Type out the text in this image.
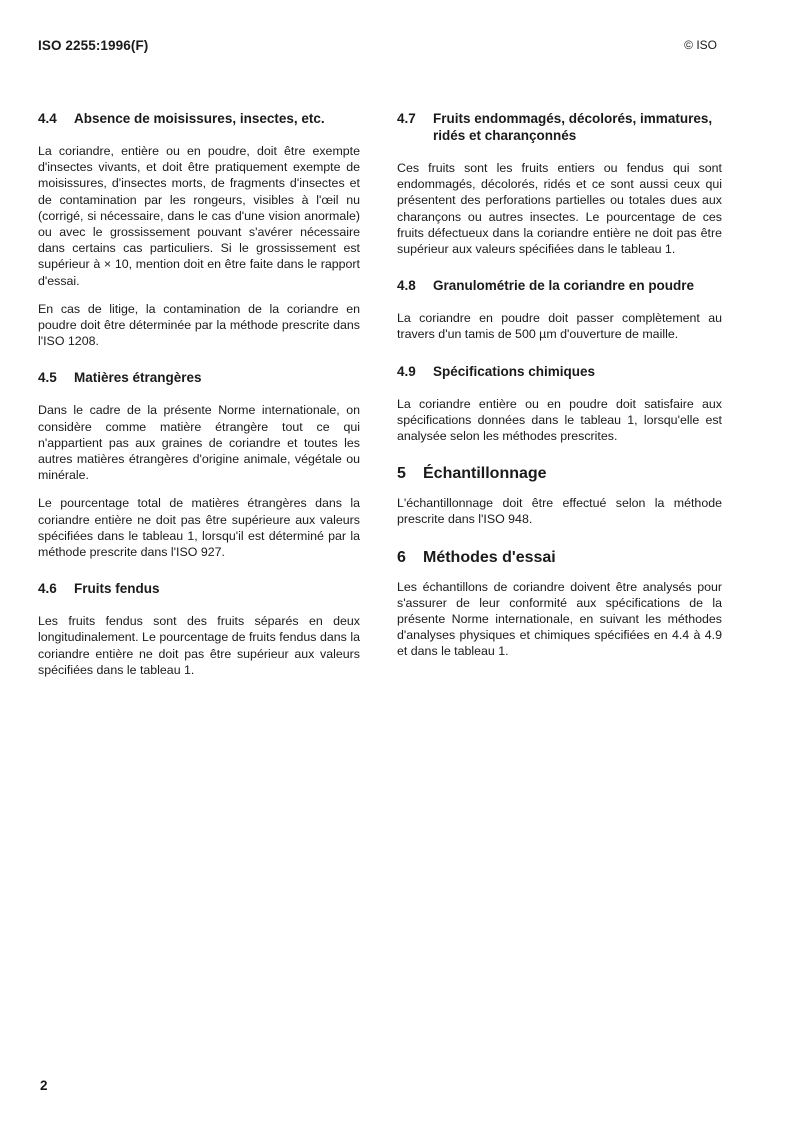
ISO 2255:1996(F)	© ISO
4.4	Absence de moisissures, insectes, etc.

La coriandre, entière ou en poudre, doit être exempte d'insectes vivants, et doit être pratiquement exempte de moisissures, d'insectes morts, de fragments d'insectes et de contamination par les rongeurs, visibles à l'œil nu (corrigé, si nécessaire, dans le cas d'une vision anormale) ou avec le grossissement pouvant s'avérer nécessaire dans certains cas particuliers. Si le grossissement est supérieur à × 10, mention doit en être faite dans le rapport d'essai.

En cas de litige, la contamination de la coriandre en poudre doit être déterminée par la méthode prescrite dans l'ISO 1208.

4.5	Matières étrangères

Dans le cadre de la présente Norme internationale, on considère comme matière étrangère tout ce qui n'appartient pas aux graines de coriandre et toutes les autres matières étrangères d'origine animale, végétale ou minérale.

Le pourcentage total de matières étrangères dans la coriandre entière ne doit pas être supérieure aux valeurs spécifiées dans le tableau 1, lorsqu'il est déterminé par la méthode prescrite dans l'ISO 927.

4.6	Fruits fendus

Les fruits fendus sont des fruits séparés en deux longitudinalement. Le pourcentage de fruits fendus dans la coriandre entière ne doit pas être supérieur aux valeurs spécifiées dans le tableau 1.

4.7	Fruits endommagés, décolorés, immatures, ridés et charançonnés

Ces fruits sont les fruits entiers ou fendus qui sont endommagés, décolorés, ridés et ce sont aussi ceux qui présentent des perforations partielles ou totales dues aux charançons ou autres insectes. Le pourcentage de ces fruits défectueux dans la coriandre entière ne doit pas être supérieur aux valeurs spécifiées dans le tableau 1.

4.8	Granulométrie de la coriandre en poudre

La coriandre en poudre doit passer complètement au travers d'un tamis de 500 µm d'ouverture de maille.

4.9	Spécifications chimiques

La coriandre entière ou en poudre doit satisfaire aux spécifications données dans le tableau 1, lorsqu'elle est analysée selon les méthodes prescrites.

5	Échantillonnage

L'échantillonnage doit être effectué selon la méthode prescrite dans l'ISO 948.

6	Méthodes d'essai

Les échantillons de coriandre doivent être analysés pour s'assurer de leur conformité aux spécifications de la présente Norme internationale, en suivant les méthodes d'analyses physiques et chimiques spécifiées en 4.4 à 4.9 et dans le tableau 1.

2
